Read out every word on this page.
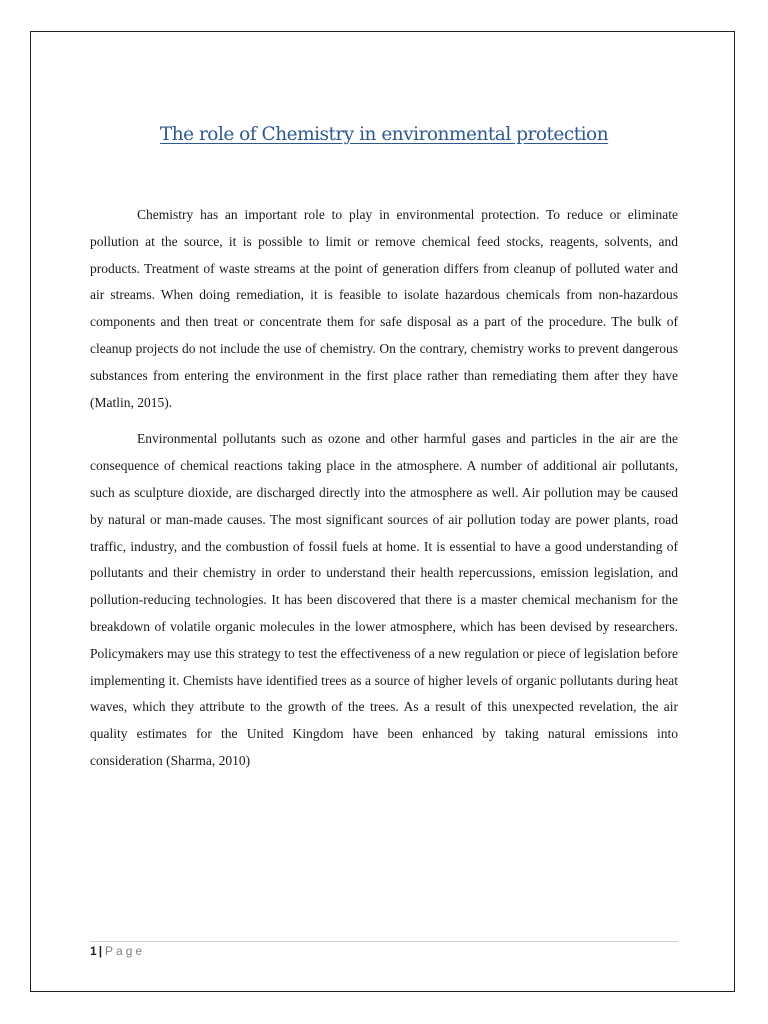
The role of Chemistry in environmental protection

Chemistry has an important role to play in environmental protection. To reduce or eliminate pollution at the source, it is possible to limit or remove chemical feed stocks, reagents, solvents, and products. Treatment of waste streams at the point of generation differs from cleanup of polluted water and air streams. When doing remediation, it is feasible to isolate hazardous chemicals from non-hazardous components and then treat or concentrate them for safe disposal as a part of the procedure. The bulk of cleanup projects do not include the use of chemistry. On the contrary, chemistry works to prevent dangerous substances from entering the environment in the first place rather than remediating them after they have (Matlin, 2015).

Environmental pollutants such as ozone and other harmful gases and particles in the air are the consequence of chemical reactions taking place in the atmosphere. A number of additional air pollutants, such as sculpture dioxide, are discharged directly into the atmosphere as well. Air pollution may be caused by natural or man-made causes. The most significant sources of air pollution today are power plants, road traffic, industry, and the combustion of fossil fuels at home. It is essential to have a good understanding of pollutants and their chemistry in order to understand their health repercussions, emission legislation, and pollution-reducing technologies. It has been discovered that there is a master chemical mechanism for the breakdown of volatile organic molecules in the lower atmosphere, which has been devised by researchers. Policymakers may use this strategy to test the effectiveness of a new regulation or piece of legislation before implementing it. Chemists have identified trees as a source of higher levels of organic pollutants during heat waves, which they attribute to the growth of the trees. As a result of this unexpected revelation, the air quality estimates for the United Kingdom have been enhanced by taking natural emissions into consideration (Sharma, 2010)

1 | Page
